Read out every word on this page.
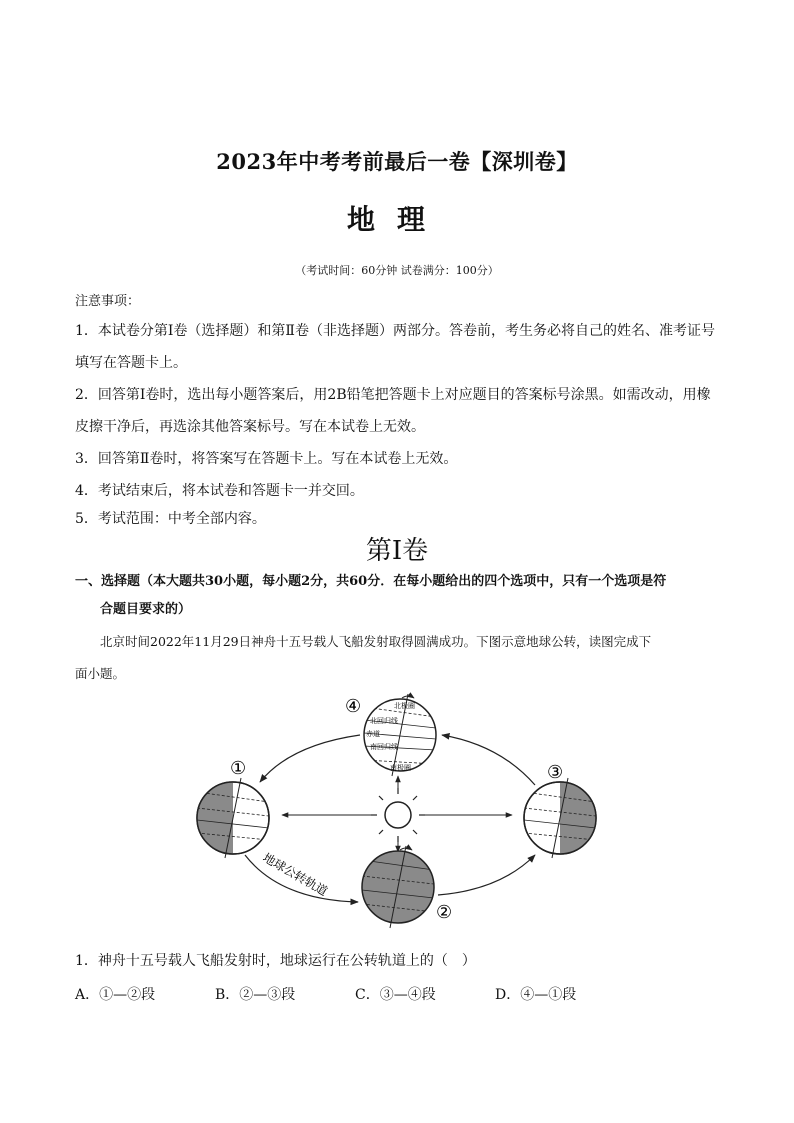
2023年中考考前最后一卷【深圳卷】
地理
（考试时间：60分钟 试卷满分：100分）
注意事项：
1．本试卷分第Ⅰ卷（选择题）和第Ⅱ卷（非选择题）两部分。答卷前，考生务必将自己的姓名、准考证号
填写在答题卡上。
2．回答第Ⅰ卷时，选出每小题答案后，用2B铅笔把答题卡上对应题目的答案标号涂黑。如需改动，用橡
皮擦干净后，再选涂其他答案标号。写在本试卷上无效。
3．回答第Ⅱ卷时，将答案写在答题卡上。写在本试卷上无效。
4．考试结束后，将本试卷和答题卡一并交回。
5．考试范围：中考全部内容。
第Ⅰ卷
一、选择题（本大题共30小题，每小题2分，共60分．在每小题给出的四个选项中，只有一个选项是符
合题目要求的）
北京时间2022年11月29日神舟十五号载人飞船发射取得圆满成功。下图示意地球公转，读图完成下
面小题。
北极圈
北回归线
赤道
南回归线
南极圈
④
①	③
②
地球公转轨道
1．神舟十五号载人飞船发射时，地球运行在公转轨道上的（　）
A．①—②段	B．②—③段	C．③—④段	D．④—①段
